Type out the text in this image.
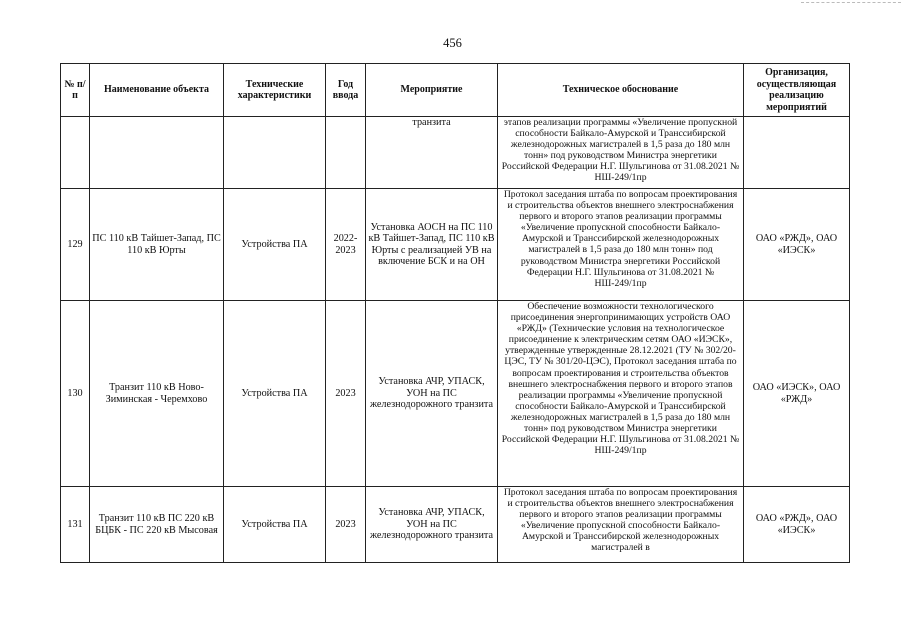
456
№ п/п	Наименование объекта	Технические характеристики	Год ввода	Мероприятие	Техническое обоснование	Организация, осуществляющая реализацию мероприятий
				транзита	этапов реализации программы «Увеличение пропускной способности Байкало-Амурской и Транссибирской железнодорожных магистралей в 1,5 раза до 180 млн тонн» под руководством Министра энергетики Российской Федерации Н.Г. Шульгинова от 31.08.2021 № НШ-249/1пр	
129	ПС 110 кВ Тайшет-Запад, ПС 110 кВ Юрты	Устройства ПА	2022-2023	Установка АОСН на ПС 110 кВ Тайшет-Запад, ПС 110 кВ Юрты с реализацией УВ на включение БСК и на ОН	Протокол заседания штаба по вопросам проектирования и строительства объектов внешнего электроснабжения первого и второго этапов реализации программы «Увеличение пропускной способности Байкало-Амурской и Транссибирской железнодорожных магистралей в 1,5 раза до 180 млн тонн» под руководством Министра энергетики Российской Федерации Н.Г. Шульгинова от 31.08.2021 № НШ-249/1пр	ОАО «РЖД», ОАО «ИЭСК»
130	Транзит 110 кВ Ново-Зиминская - Черемхово	Устройства ПА	2023	Установка АЧР, УПАСК, УОН на ПС железнодорожного транзита	Обеспечение возможности технологического присоединения энергопринимающих устройств ОАО «РЖД» (Технические условия на технологическое присоединение к электрическим сетям ОАО «ИЭСК», утвержденные утвержденные 28.12.2021 (ТУ № 302/20-ЦЭС, ТУ № 301/20-ЦЭС), Протокол заседания штаба по вопросам проектирования и строительства объектов внешнего электроснабжения первого и второго этапов реализации программы «Увеличение пропускной способности Байкало-Амурской и Транссибирской железнодорожных магистралей в 1,5 раза до 180 млн тонн» под руководством Министра энергетики Российской Федерации Н.Г. Шульгинова от 31.08.2021 № НШ-249/1пр	ОАО «ИЭСК», ОАО «РЖД»
131	Транзит 110 кВ ПС 220 кВ БЦБК - ПС 220 кВ Мысовая	Устройства ПА	2023	Установка АЧР, УПАСК, УОН на ПС железнодорожного транзита	Протокол заседания штаба по вопросам проектирования и строительства объектов внешнего электроснабжения первого и второго этапов реализации программы «Увеличение пропускной способности Байкало-Амурской и Транссибирской железнодорожных магистралей в	ОАО «РЖД», ОАО «ИЭСК»
